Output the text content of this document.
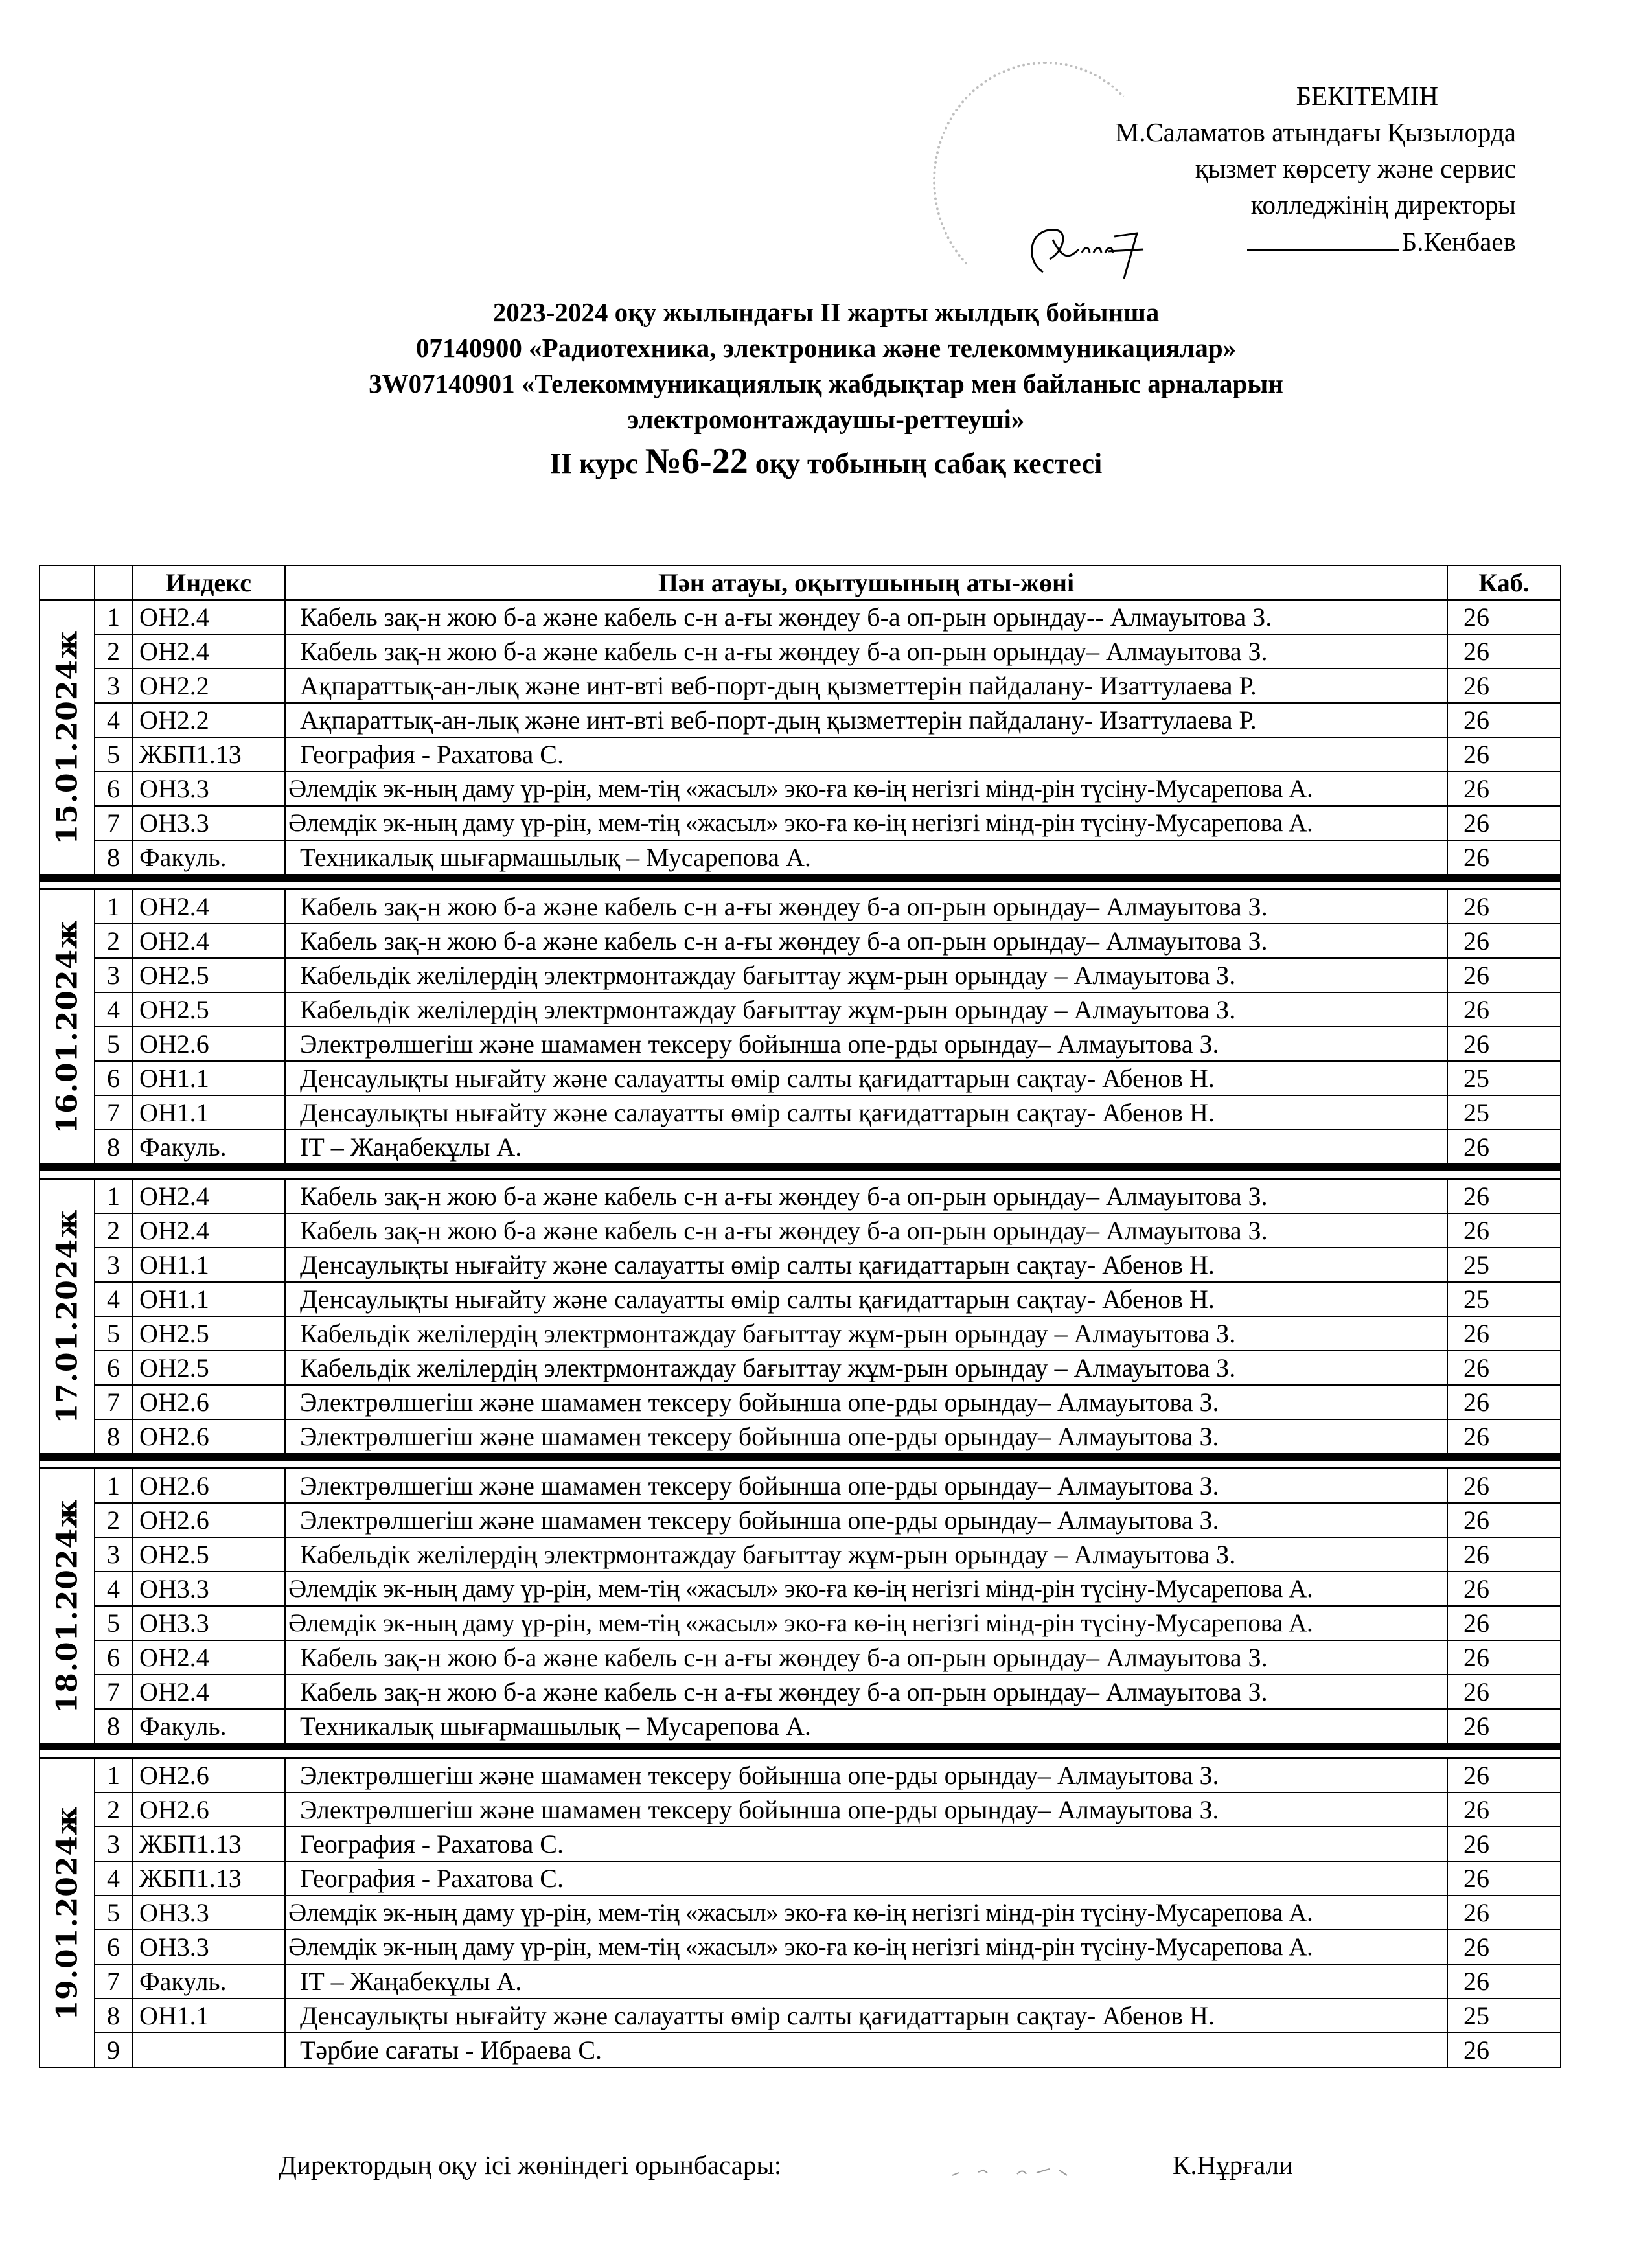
БЕКІТЕМІН
М.Саламатов атындағы Қызылорда
қызмет көрсету және сервис
колледжінің директоры
Б.Кенбаев
2023-2024 оқу жылындағы ІІ жарты жылдық бойынша
07140900 «Радиотехника, электроника және телекоммуникациялар»
3W07140901 «Телекоммуникациялық жабдықтар мен байланыс арналарын
электромонтаждаушы-реттеуші»
ІІ курс №6-22 оқу тобының сабақ кестесі
		Индекс	Пән атауы, оқытушының аты-жөні	Каб.

15.01.2024ж	1	ОН2.4	Кабель зақ-н жою б-а және кабель с-н а-ғы жөндеу б-а оп-рын орындау-- Алмауытова З.	26
	2	ОН2.4	Кабель зақ-н жою б-а және кабель с-н а-ғы жөндеу б-а оп-рын орындау– Алмауытова З.	26
	3	ОН2.2	Ақпараттық-ан-лық және инт-вті веб-порт-дың қызметтерін пайдалану- Изаттулаева Р.	26
	4	ОН2.2	Ақпараттық-ан-лық және инт-вті веб-порт-дың қызметтерін пайдалану- Изаттулаева Р.	26
	5	ЖБП1.13	География - Рахатова С.	26
	6	ОН3.3	Әлемдік эк-ның даму үр-рін, мем-тің «жасыл» эко-ға кө-ің негізгі мінд-рін түсіну-Мусарепова А.	26
	7	ОН3.3	Әлемдік эк-ның даму үр-рін, мем-тің «жасыл» эко-ға кө-ің негізгі мінд-рін түсіну-Мусарепова А.	26
	8	Факуль.	Техникалық шығармашылық – Мусарепова А.	26

16.01.2024ж	1	ОН2.4	Кабель зақ-н жою б-а және кабель с-н а-ғы жөндеу б-а оп-рын орындау– Алмауытова З.	26
	2	ОН2.4	Кабель зақ-н жою б-а және кабель с-н а-ғы жөндеу б-а оп-рын орындау– Алмауытова З.	26
	3	ОН2.5	Кабельдік желілердің электрмонтаждау бағыттау жұм-рын орындау – Алмауытова З.	26
	4	ОН2.5	Кабельдік желілердің электрмонтаждау бағыттау жұм-рын орындау – Алмауытова З.	26
	5	ОН2.6	Электрөлшегіш және шамамен тексеру бойынша опе-рды орындау– Алмауытова З.	26
	6	ОН1.1	Денсаулықты нығайту және салауатты өмір салты қағидаттарын сақтау- Абенов Н.	25
	7	ОН1.1	Денсаулықты нығайту және салауатты өмір салты қағидаттарын сақтау- Абенов Н.	25
	8	Факуль.	ІТ – Жаңабекұлы А.	26

17.01.2024ж	1	ОН2.4	Кабель зақ-н жою б-а және кабель с-н а-ғы жөндеу б-а оп-рын орындау– Алмауытова З.	26
	2	ОН2.4	Кабель зақ-н жою б-а және кабель с-н а-ғы жөндеу б-а оп-рын орындау– Алмауытова З.	26
	3	ОН1.1	Денсаулықты нығайту және салауатты өмір салты қағидаттарын сақтау- Абенов Н.	25
	4	ОН1.1	Денсаулықты нығайту және салауатты өмір салты қағидаттарын сақтау- Абенов Н.	25
	5	ОН2.5	Кабельдік желілердің электрмонтаждау бағыттау жұм-рын орындау – Алмауытова З.	26
	6	ОН2.5	Кабельдік желілердің электрмонтаждау бағыттау жұм-рын орындау – Алмауытова З.	26
	7	ОН2.6	Электрөлшегіш және шамамен тексеру бойынша опе-рды орындау– Алмауытова З.	26
	8	ОН2.6	Электрөлшегіш және шамамен тексеру бойынша опе-рды орындау– Алмауытова З.	26

18.01.2024ж	1	ОН2.6	Электрөлшегіш және шамамен тексеру бойынша опе-рды орындау– Алмауытова З.	26
	2	ОН2.6	Электрөлшегіш және шамамен тексеру бойынша опе-рды орындау– Алмауытова З.	26
	3	ОН2.5	Кабельдік желілердің электрмонтаждау бағыттау жұм-рын орындау – Алмауытова З.	26
	4	ОН3.3	Әлемдік эк-ның даму үр-рін, мем-тің «жасыл» эко-ға кө-ің негізгі мінд-рін түсіну-Мусарепова А.	26
	5	ОН3.3	Әлемдік эк-ның даму үр-рін, мем-тің «жасыл» эко-ға кө-ің негізгі мінд-рін түсіну-Мусарепова А.	26
	6	ОН2.4	Кабель зақ-н жою б-а және кабель с-н а-ғы жөндеу б-а оп-рын орындау– Алмауытова З.	26
	7	ОН2.4	Кабель зақ-н жою б-а және кабель с-н а-ғы жөндеу б-а оп-рын орындау– Алмауытова З.	26
	8	Факуль.	Техникалық шығармашылық – Мусарепова А.	26

19.01.2024ж	1	ОН2.6	Электрөлшегіш және шамамен тексеру бойынша опе-рды орындау– Алмауытова З.	26
	2	ОН2.6	Электрөлшегіш және шамамен тексеру бойынша опе-рды орындау– Алмауытова З.	26
	3	ЖБП1.13	География - Рахатова С.	26
	4	ЖБП1.13	География - Рахатова С.	26
	5	ОН3.3	Әлемдік эк-ның даму үр-рін, мем-тің «жасыл» эко-ға кө-ің негізгі мінд-рін түсіну-Мусарепова А.	26
	6	ОН3.3	Әлемдік эк-ның даму үр-рін, мем-тің «жасыл» эко-ға кө-ің негізгі мінд-рін түсіну-Мусарепова А.	26
	7	Факуль.	ІТ – Жаңабекұлы А.	26
	8	ОН1.1	Денсаулықты нығайту және салауатты өмір салты қағидаттарын сақтау- Абенов Н.	25
	9		Тәрбие сағаты - Ибраева С.	26
Директордың оқу ісі жөніндегі орынбасары:	К.Нұрғали
